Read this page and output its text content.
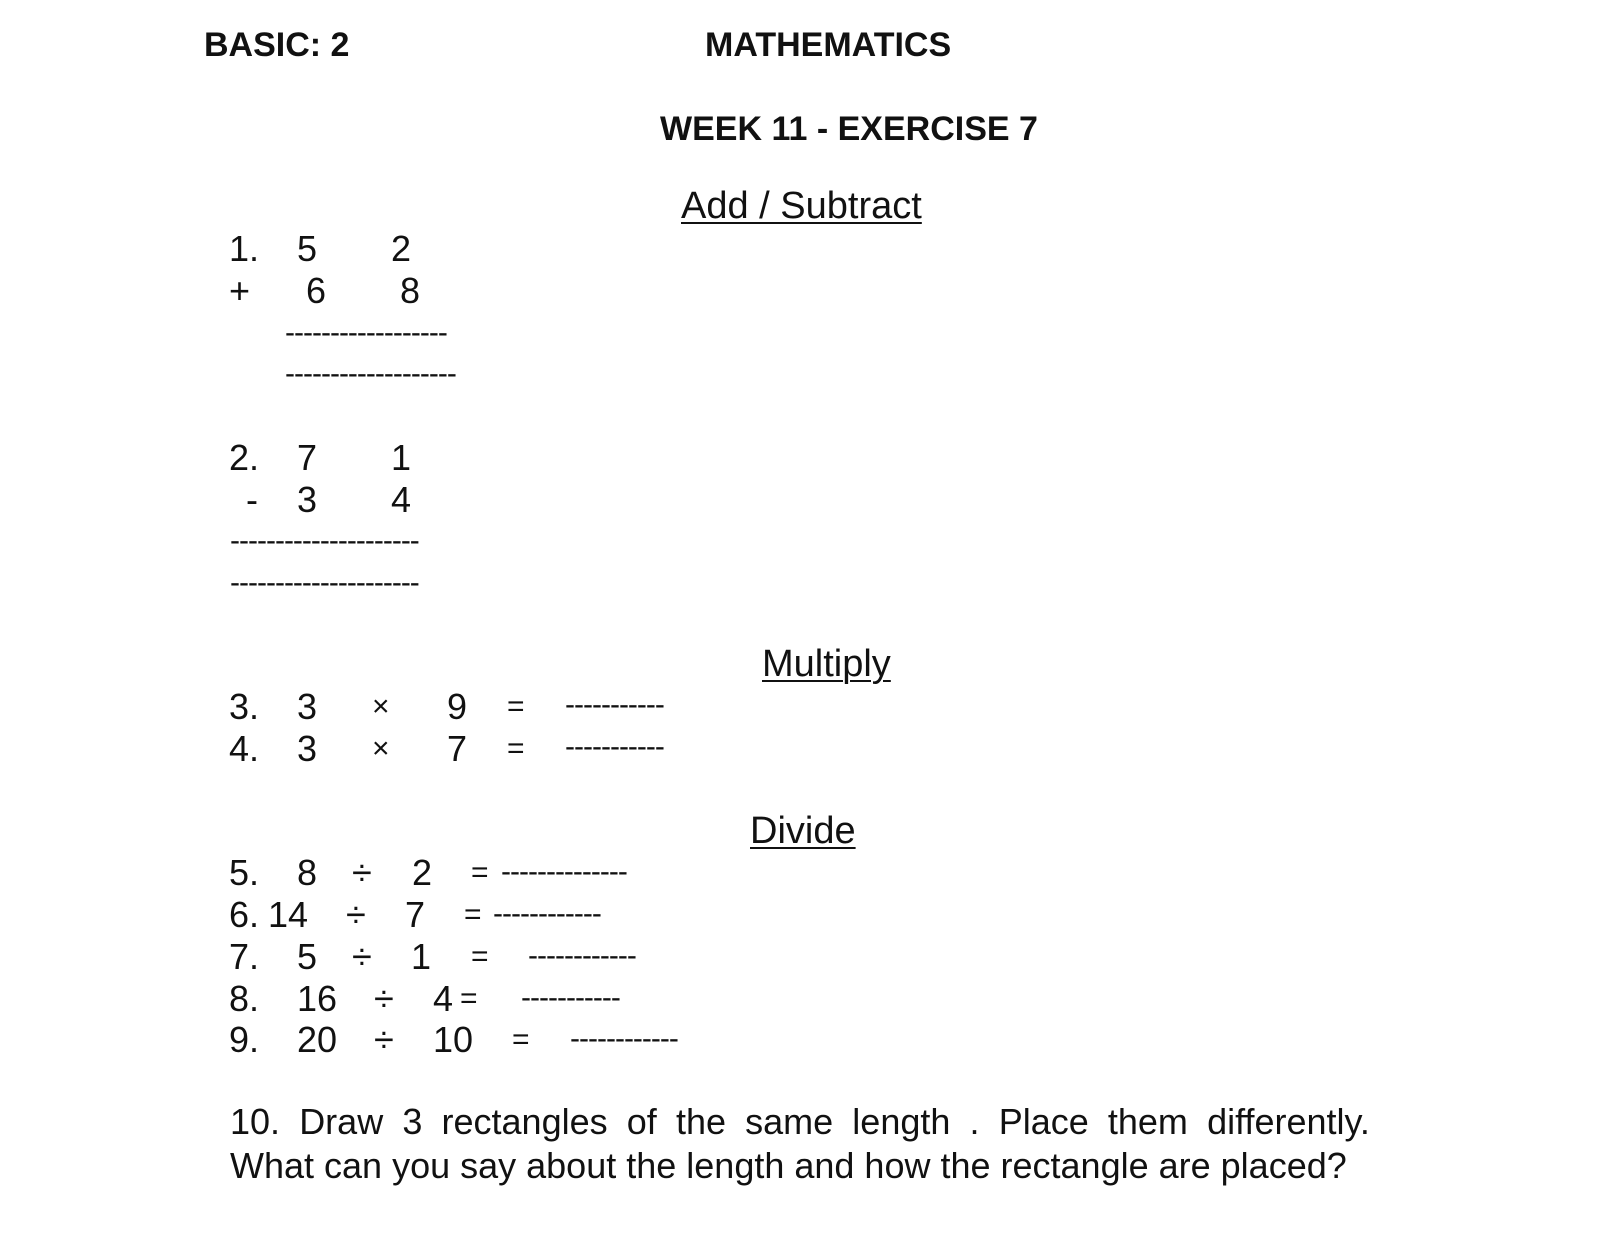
BASIC: 2	MATHEMATICS
WEEK 11 - EXERCISE 7
Add / Subtract
1. 5 2
+ 6 8
------------------
-------------------
2. 7 1
- 3 4
---------------------
---------------------
Multiply
3. 3 × 9 = -----------
4. 3 × 7 = -----------
Divide
5. 8 ÷ 2 = --------------
6. 14 ÷ 7 = ------------
7. 5 ÷ 1 = ------------
8. 16 ÷ 4 = -----------
9. 20 ÷ 10 = ------------
10. Draw 3 rectangles of the same length . Place them differently.
What can you say about the length and how the rectangle are placed?
